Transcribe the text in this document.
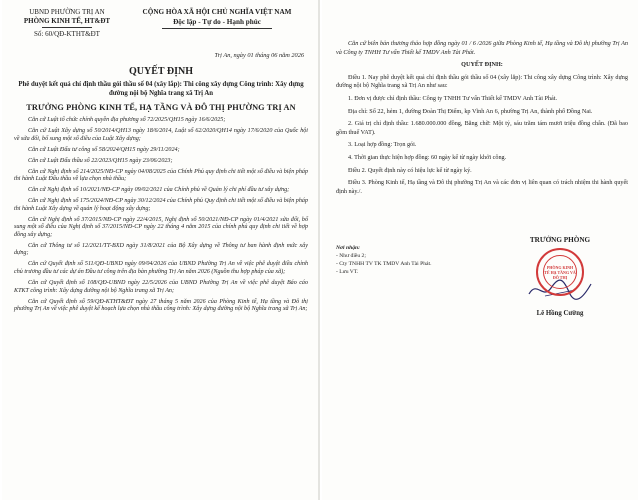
UBND PHƯỜNG TRỊ AN
PHÒNG KINH TẾ, HT&ĐT
Số: 60/QĐ-KTHT&ĐT
CỘNG HÒA XÃ HỘI CHỦ NGHĨA VIỆT NAM
Độc lập - Tự do - Hạnh phúc
Trị An, ngày 01 tháng 06 năm 2026
QUYẾT ĐỊNH
Phê duyệt kết quả chỉ định thầu gói thầu số 04 (xây lắp): Thi công xây dựng Công trình: Xây dựng đường nội bộ Nghĩa trang xã Trị An
TRƯỞNG PHÒNG KINH TẾ, HẠ TẦNG VÀ ĐÔ THỊ PHƯỜNG TRỊ AN

Căn cứ Luật tổ chức chính quyền địa phương số 72/2025/QH15 ngày 16/6/2025;

Căn cứ Luật Xây dựng số 50/2014/QH13 ngày 18/6/2014, Luật số 62/2020/QH14 ngày 17/6/2020 của Quốc hội về sửa đổi, bổ sung một số điều của Luật Xây dựng;

Căn cứ Luật Đấu tư công số 58/2024/QH15 ngày 29/11/2024;

Căn cứ Luật Đấu thầu số 22/2023/QH15 ngày 23/06/2023;

Căn cứ Nghị định số 214/2025/NĐ-CP ngày 04/08/2025 của Chính Phủ quy định chi tiết một số điều và biện pháp thi hành Luật Đấu thầu về lựa chọn nhà thầu;

Căn cứ Nghị định số 10/2021/NĐ-CP ngày 09/02/2021 của Chính phủ về Quản lý chi phí đầu tư xây dựng;

Căn cứ Nghị định số 175/2024/NĐ-CP ngày 30/12/2024 của Chính phủ Quy định chi tiết một số điều và biện pháp thi hành Luật Xây dựng về quản lý hoạt động xây dựng;

Căn cứ Nghị định số 37/2015/NĐ-CP ngày 22/4/2015, Nghị định số 50/2021/NĐ-CP ngày 01/4/2021 sửa đổi, bổ sung một số điều của Nghị định số 37/2015/NĐ-CP ngày 22 tháng 4 năm 2015 của chính phủ quy định chi tiết về hợp đồng xây dựng;

Căn cứ Thông tư số 12/2021/TT-BXD ngày 31/8/2021 của Bộ Xây dựng về Thông tư ban hành định mức xây dựng;

Căn cứ Quyết định số 511/QĐ-UBND ngày 09/04/2026 của UBND Phường Trị An về việc phê duyệt điều chỉnh chủ trương đầu tư các dự án Đầu tư công trên địa bàn phường Trị An năm 2026 (Nguồn thu hợp pháp của xã);

Căn cứ Quyết định số 108/QĐ-UBND ngày 22/5/2026 của UBND Phường Trị An về việc phê duyệt Báo cáo KTKT công trình: Xây dựng đường nội bộ Nghĩa trang xã Trị An;

Căn cứ Quyết định số 59/QĐ-KTHT&ĐT ngày 27 tháng 5 năm 2026 của Phòng Kinh tế, Hạ tầng và Đô thị phường Trị An về việc phê duyệt kế hoạch lựa chọn nhà thầu công trình: Xây dựng đường nội bộ Nghĩa trang xã Trị An;

Căn cứ biên bản thương thảo hợp đồng ngày 01 / 6 /2026 giữa Phòng Kinh tế, Hạ tầng và Đô thị phường Trị An và Công ty TNHH Tư vấn Thiết kế TMDV Anh Tài Phát.

QUYẾT ĐỊNH:

Điều 1. Nay phê duyệt kết quả chỉ định thầu gói thầu số 04 (xây lắp): Thi công xây dựng Công trình: Xây dựng đường nội bộ Nghĩa trang xã Trị An như sau:

1. Đơn vị được chỉ định thầu: Công ty TNHH Tư vấn Thiết kế TMDV Anh Tài Phát.

Địa chỉ: Số 22, hẻm 1, đường Đoàn Thị Điểm, kp Vĩnh An 6, phường Trị An, thành phố Đồng Nai.

2. Giá trị chỉ định thầu: 1.680.000.000 đồng, Bằng chữ: Một tỷ, sáu trăm tám mươi triệu đồng chẵn. (Đã bao gồm thuế VAT).

3. Loại hợp đồng: Trọn gói.

4. Thời gian thực hiện hợp đồng: 60 ngày kể từ ngày khởi công.

Điều 2. Quyết định này có hiệu lực kể từ ngày ký.

Điều 3. Phòng Kinh tế, Hạ tầng và Đô thị phường Trị An và các đơn vị liên quan có trách nhiệm thi hành quyết định này./.

Nơi nhận:
- Như điều 2;
- Cty TNHH TV TK TMDV Anh Tài Phát.
- Lưu VT.
TRƯỞNG PHÒNG
PHÒNG KINH TẾ HẠ TẦNG VÀ ĐÔ THỊ
Lê Hồng Cường
